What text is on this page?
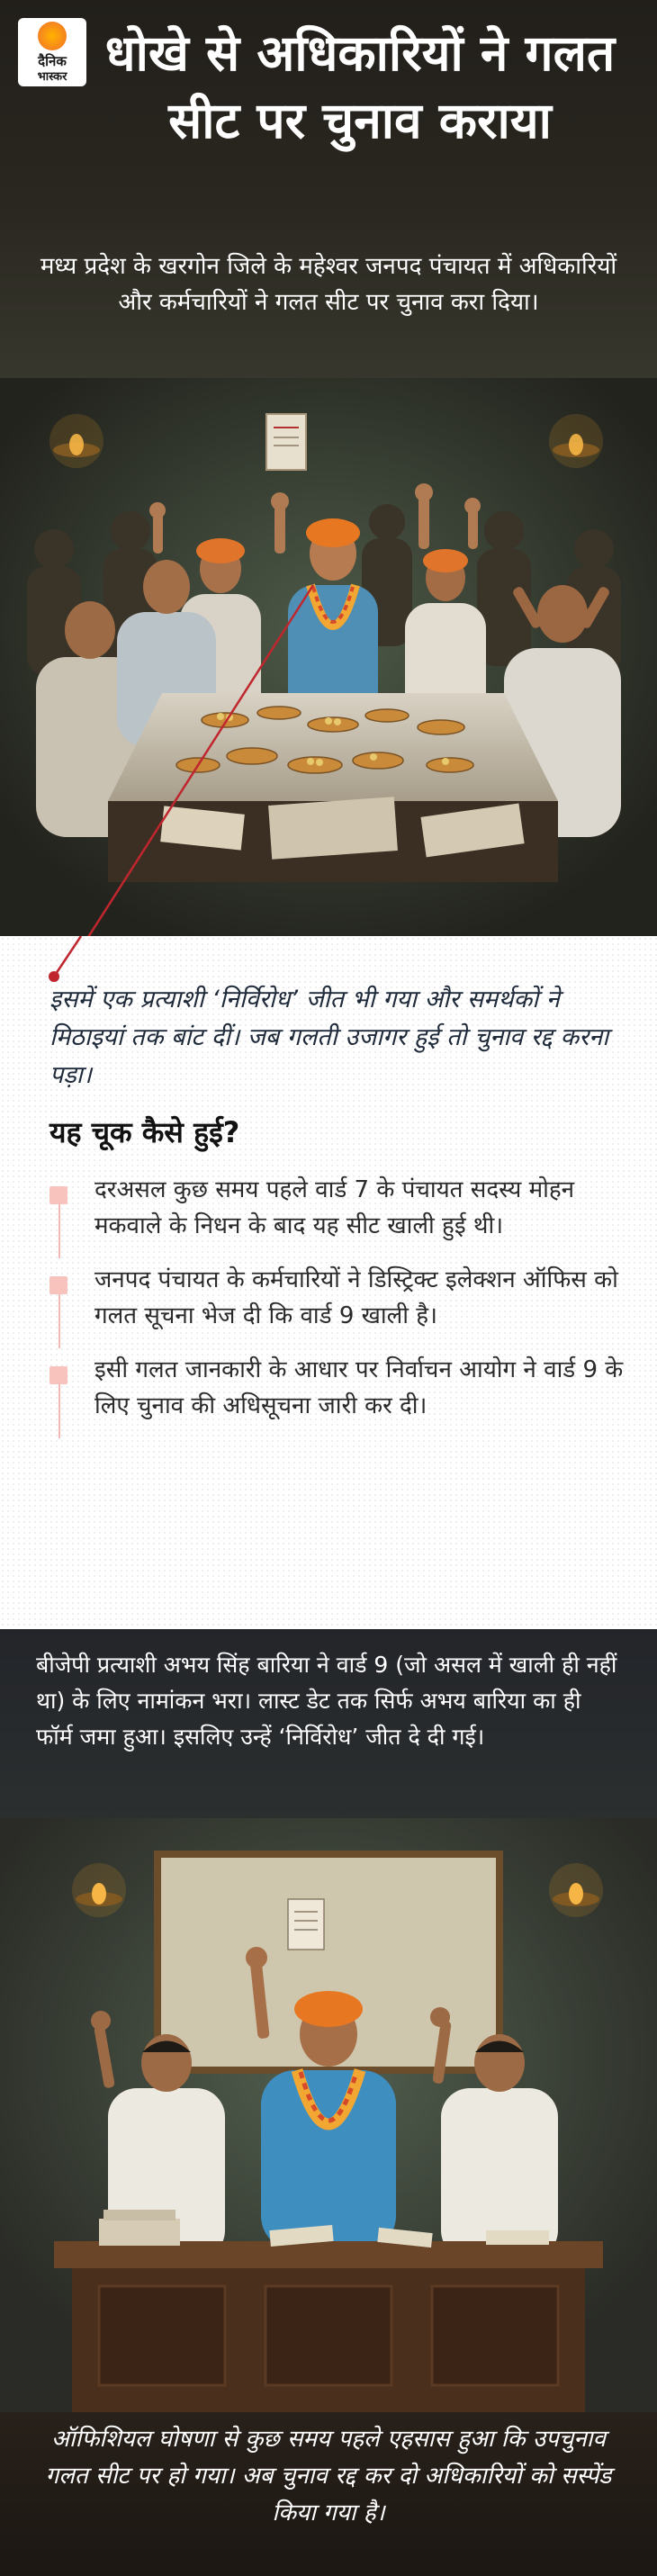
दैनिक
भास्कर धोखे से अधिकारियों ने गलत सीट पर चुनाव कराया

मध्य प्रदेश के खरगोन जिले के महेश्वर जनपद पंचायत में अधिकारियों और कर्मचारियों ने गलत सीट पर चुनाव करा दिया।

इसमें एक प्रत्याशी ‘निर्विरोध’ जीत भी गया और समर्थकों ने मिठाइयां तक बांट दीं। जब गलती उजागर हुई तो चुनाव रद्द करना पड़ा।

यह चूक कैसे हुई?
दरअसल कुछ समय पहले वार्ड 7 के पंचायत सदस्य मोहन मकवाले के निधन के बाद यह सीट खाली हुई थी।
जनपद पंचायत के कर्मचारियों ने डिस्ट्रिक्ट इलेक्शन ऑफिस को गलत सूचना भेज दी कि वार्ड 9 खाली है।
इसी गलत जानकारी के आधार पर निर्वाचन आयोग ने वार्ड 9 के लिए चुनाव की अधिसूचना जारी कर दी।

बीजेपी प्रत्याशी अभय सिंह बारिया ने वार्ड 9 (जो असल में खाली ही नहीं था) के लिए नामांकन भरा। लास्ट डेट तक सिर्फ अभय बारिया का ही फॉर्म जमा हुआ। इसलिए उन्हें ‘निर्विरोध’ जीत दे दी गई।

ऑफिशियल घोषणा से कुछ समय पहले एहसास हुआ कि उपचुनाव गलत सीट पर हो गया। अब चुनाव रद्द कर दो अधिकारियों को सस्पेंड किया गया है।
